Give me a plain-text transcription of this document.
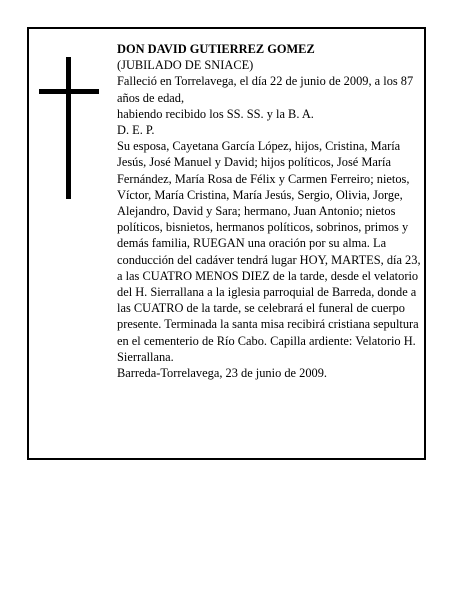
DON DAVID GUTIERREZ GOMEZ

(JUBILADO DE SNIACE)

Falleció en Torrelavega, el día 22 de junio de 2009, a los 87 años de edad,

habiendo recibido los SS. SS. y la B. A.

D. E. P.

Su esposa, Cayetana García López, hijos, Cristina, María Jesús, José Manuel y David; hijos políticos, José María Fernández, María Rosa de Félix y Carmen Ferreiro; nietos, Víctor, María Cristina, María Jesús, Sergio, Olivia, Jorge, Alejandro, David y Sara; hermano, Juan Antonio; nietos políticos, bisnietos, hermanos políticos, sobrinos, primos y demás familia, RUEGAN una oración por su alma. La conducción del cadáver tendrá lugar HOY, MARTES, día 23, a las CUATRO MENOS DIEZ de la tarde, desde el velatorio del H. Sierrallana a la iglesia parroquial de Barreda, donde a las CUATRO de la tarde, se celebrará el funeral de cuerpo presente. Terminada la santa misa recibirá cristiana sepultura en el cementerio de Río Cabo. Capilla ardiente: Velatorio H. Sierrallana.

Barreda-Torrelavega, 23 de junio de 2009.
